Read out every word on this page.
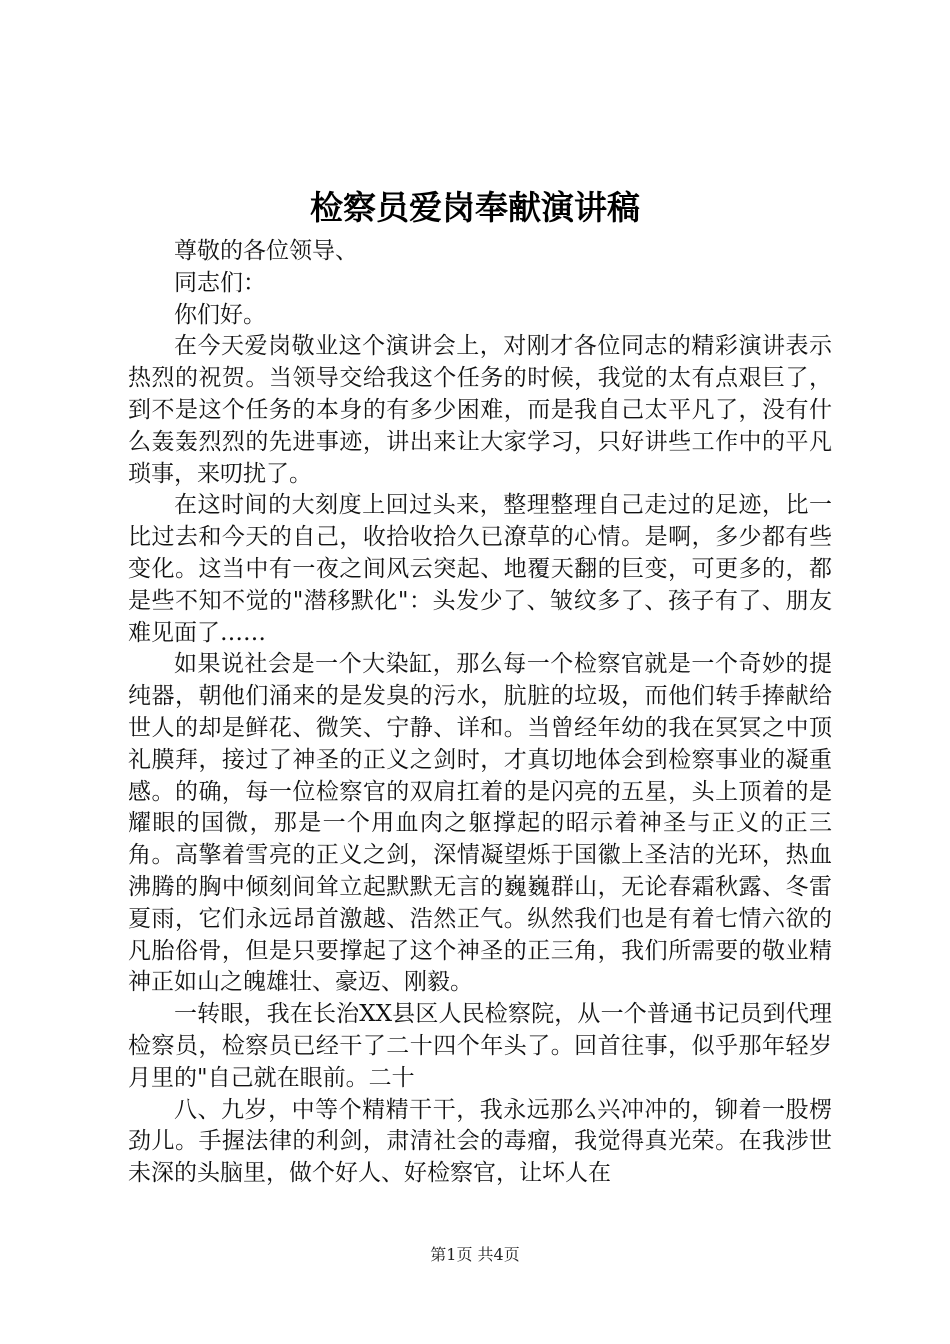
检察员爱岗奉献演讲稿

尊敬的各位领导、

同志们：

你们好。

在今天爱岗敬业这个演讲会上，对刚才各位同志的精彩演讲表示热烈的祝贺。当领导交给我这个任务的时候，我觉的太有点艰巨了，到不是这个任务的本身的有多少困难，而是我自己太平凡了，没有什么轰轰烈烈的先进事迹，讲出来让大家学习，只好讲些工作中的平凡琐事，来叨扰了。

在这时间的大刻度上回过头来，整理整理自己走过的足迹，比一比过去和今天的自己，收拾收拾久已潦草的心情。是啊，多少都有些变化。这当中有一夜之间风云突起、地覆天翻的巨变，可更多的，都是些不知不觉的"潜移默化"：头发少了、皱纹多了、孩子有了、朋友难见面了……

如果说社会是一个大染缸，那么每一个检察官就是一个奇妙的提纯器，朝他们涌来的是发臭的污水，肮脏的垃圾，而他们转手捧献给世人的却是鲜花、微笑、宁静、详和。当曾经年幼的我在冥冥之中顶礼膜拜，接过了神圣的正义之剑时，才真切地体会到检察事业的凝重感。的确，每一位检察官的双肩扛着的是闪亮的五星，头上顶着的是耀眼的国微，那是一个用血肉之躯撑起的昭示着神圣与正义的正三角。高擎着雪亮的正义之剑，深情凝望烁于国徽上圣洁的光环，热血沸腾的胸中倾刻间耸立起默默无言的巍巍群山，无论春霜秋露、冬雷夏雨，它们永远昂首激越、浩然正气。纵然我们也是有着七情六欲的凡胎俗骨，但是只要撑起了这个神圣的正三角，我们所需要的敬业精神正如山之魄雄壮、豪迈、刚毅。

一转眼，我在长治XX县区人民检察院，从一个普通书记员到代理检察员，检察员已经干了二十四个年头了。回首往事，似乎那年轻岁月里的"自己就在眼前。二十

八、九岁，中等个精精干干，我永远那么兴冲冲的，铆着一股楞劲儿。手握法律的利剑，肃清社会的毒瘤，我觉得真光荣。在我涉世未深的头脑里，做个好人、好检察官，让坏人在

第1页 共4页
